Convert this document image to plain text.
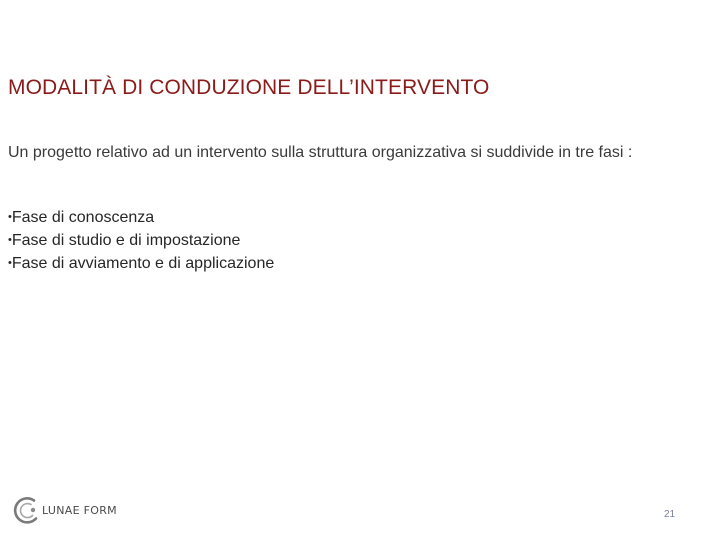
MODALITÀ DI CONDUZIONE DELL’INTERVENTO
Un progetto relativo ad un intervento sulla struttura organizzativa si suddivide in tre fasi :
•Fase di conoscenza
•Fase di studio e di impostazione
•Fase di avviamento e di applicazione
LUNAE FORM	21
